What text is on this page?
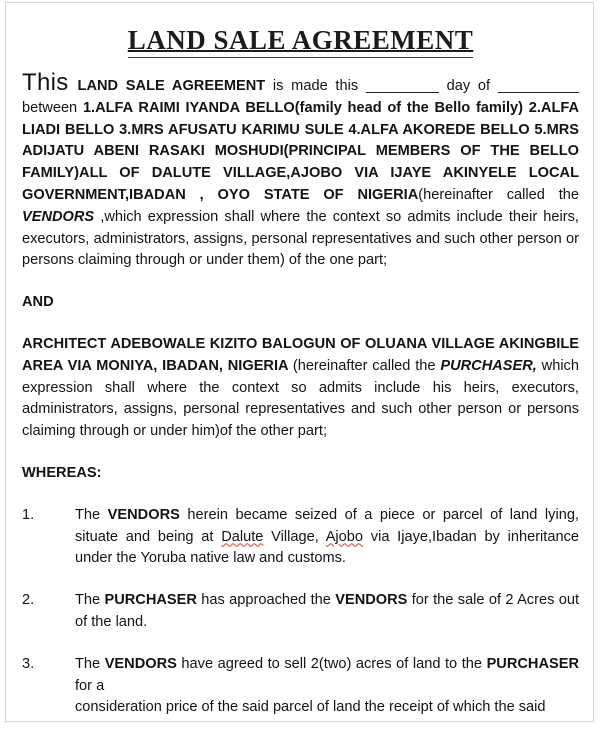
LAND SALE AGREEMENT

This LAND SALE AGREEMENT is made this _________ day of __________ between 1.ALFA RAIMI IYANDA BELLO(family head of the Bello family) 2.ALFA LIADI BELLO 3.MRS AFUSATU KARIMU SULE 4.ALFA AKOREDE BELLO 5.MRS ADIJATU ABENI RASAKI MOSHUDI(PRINCIPAL MEMBERS OF THE BELLO FAMILY)ALL OF DALUTE VILLAGE,AJOBO VIA IJAYE AKINYELE LOCAL GOVERNMENT,IBADAN , OYO STATE OF NIGERIA(hereinafter called the VENDORS ,which expression shall where the context so admits include their heirs, executors, administrators, assigns, personal representatives and such other person or persons claiming through or under them) of the one part;

AND

ARCHITECT ADEBOWALE KIZITO BALOGUN OF OLUANA VILLAGE AKINGBILE AREA VIA MONIYA, IBADAN, NIGERIA (hereinafter called the PURCHASER, which expression shall where the context so admits include his heirs, executors, administrators, assigns, personal representatives and such other person or persons claiming through or under him)of the other part;

WHEREAS:

1.	The VENDORS herein became seized of a piece or parcel of land lying, situate and being at Dalute Village, Ajobo via Ijaye,Ibadan by inheritance under the Yoruba native law and customs.
2.	The PURCHASER has approached the VENDORS for the sale of 2 Acres out of the land.
3.	The VENDORS have agreed to sell 2(two) acres of land to the PURCHASER for a
consideration price of the said parcel of land the receipt of which the said
